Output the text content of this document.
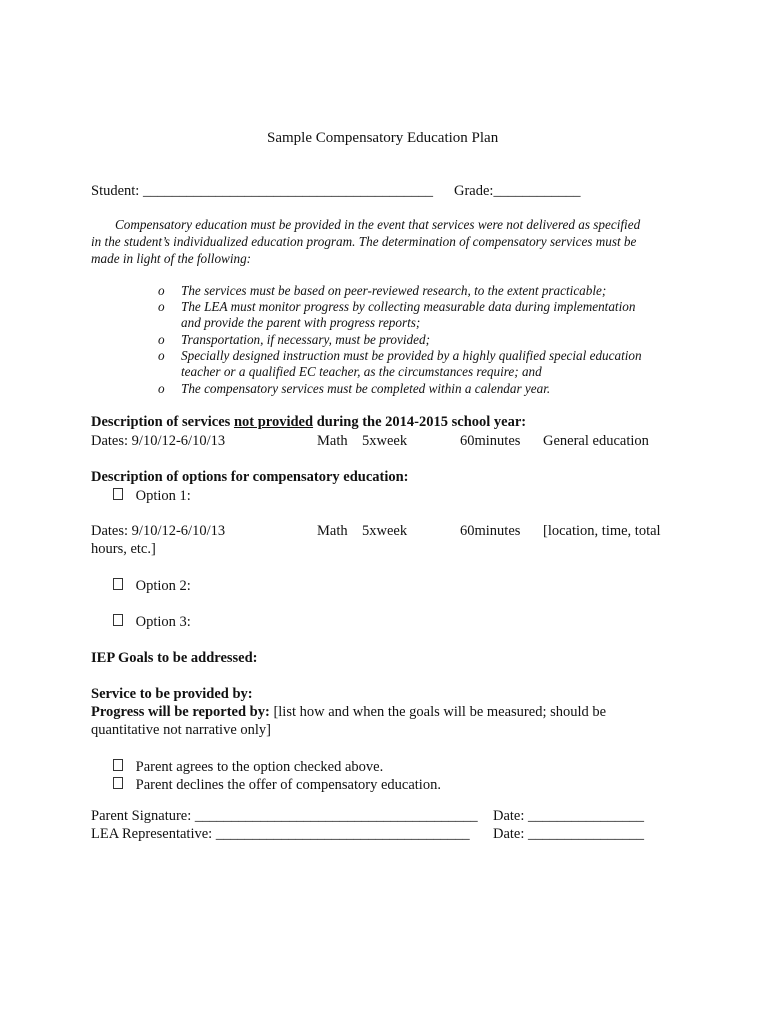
Sample Compensatory Education Plan
Student: ________________________________________ Grade:____________
Compensatory education must be provided in the event that services were not delivered as specified
in the student’s individualized education program. The determination of compensatory services must be
made in light of the following:
o The services must be based on peer-reviewed research, to the extent practicable;
o The LEA must monitor progress by collecting measurable data during implementation
and provide the parent with progress reports;
o Transportation, if necessary, must be provided;
o Specially designed instruction must be provided by a highly qualified special education
teacher or a qualified EC teacher, as the circumstances require; and
o The compensatory services must be completed within a calendar year.
Description of services not provided during the 2014-2015 school year:
Dates: 9/10/12-6/10/13	Math 5xweek	60minutes General education
Description of options for compensatory education:
Option 1:
Dates: 9/10/12-6/10/13	Math 5xweek	60minutes [location, time, total
hours, etc.]
Option 2:
Option 3:
IEP Goals to be addressed:
Service to be provided by:
Progress will be reported by: [list how and when the goals will be measured; should be
quantitative not narrative only]
Parent agrees to the option checked above.
Parent declines the offer of compensatory education.
Parent Signature: _______________________________________ Date: ________________
LEA Representative: ___________________________________ Date: ________________
